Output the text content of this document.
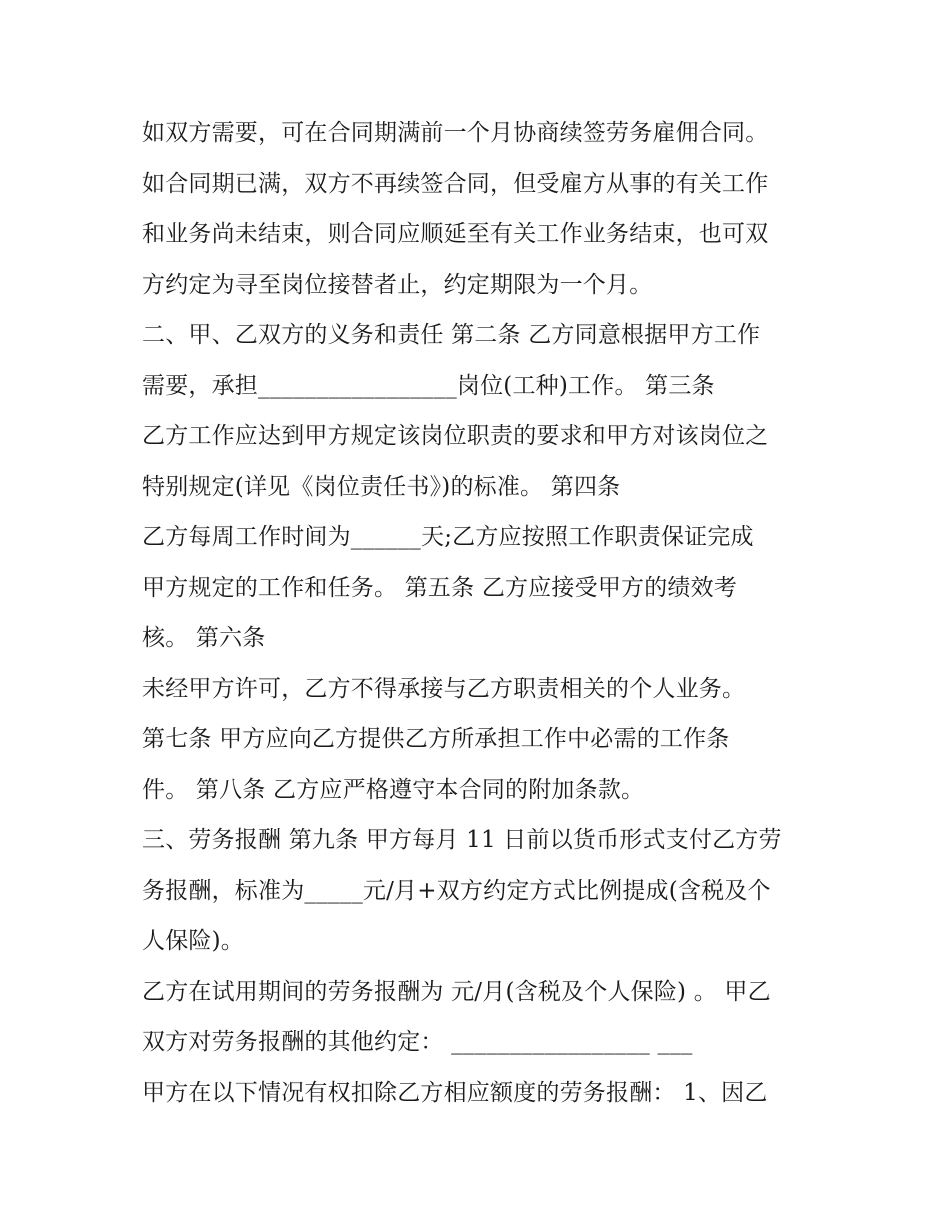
如双方需要，可在合同期满前一个月协商续签劳务雇佣合同。
如合同期已满，双方不再续签合同，但受雇方从事的有关工作
和业务尚未结束，则合同应顺延至有关工作业务结束，也可双
方约定为寻至岗位接替者止，约定期限为一个月。
二、甲、乙双方的义务和责任 第二条 乙方同意根据甲方工作
需要，承担_________________岗位(工种)工作。 第三条
乙方工作应达到甲方规定该岗位职责的要求和甲方对该岗位之
特别规定(详见《岗位责任书》)的标准。 第四条
乙方每周工作时间为______天;乙方应按照工作职责保证完成
甲方规定的工作和任务。 第五条 乙方应接受甲方的绩效考
核。 第六条
未经甲方许可，乙方不得承接与乙方职责相关的个人业务。
第七条 甲方应向乙方提供乙方所承担工作中必需的工作条
件。 第八条 乙方应严格遵守本合同的附加条款。
三、劳务报酬 第九条 甲方每月 11 日前以货币形式支付乙方劳
务报酬，标准为_____元/月+双方约定方式比例提成(含税及个
人保险)。
乙方在试用期间的劳务报酬为 元/月(含税及个人保险) 。 甲乙
双方对劳务报酬的其他约定： _________________ ___
甲方在以下情况有权扣除乙方相应额度的劳务报酬： 1、因乙
